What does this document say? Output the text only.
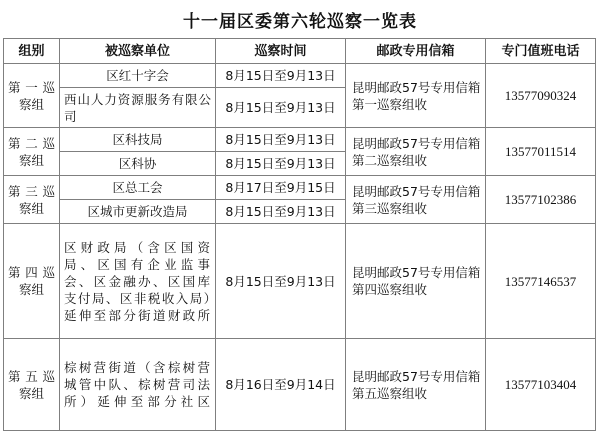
十一届区委第六轮巡察一览表
组别	被巡察单位	巡察时间	邮政专用信箱	专门值班电话
第一巡察组	区红十字会	8月15日至9月13日	昆明邮政57号专用信箱第一巡察组收	13577090324
	西山人力资源服务有限公司	8月15日至9月13日		
第二巡察组	区科技局	8月15日至9月13日	昆明邮政57号专用信箱第二巡察组收	13577011514
	区科协	8月15日至9月13日		
第三巡察组	区总工会	8月17日至9月15日	昆明邮政57号专用信箱第三巡察组收	13577102386
	区城市更新改造局	8月15日至9月13日		
第四巡察组	区财政局（含区国资局、区国有企业监事会、区金融办、区国库支付局、区非税收入局）延伸至部分街道财政所	8月15日至9月13日	昆明邮政57号专用信箱第四巡察组收	13577146537
第五巡察组	棕树营街道（含棕树营城管中队、棕树营司法所）延伸至部分社区	8月16日至9月14日	昆明邮政57号专用信箱第五巡察组收	13577103404
